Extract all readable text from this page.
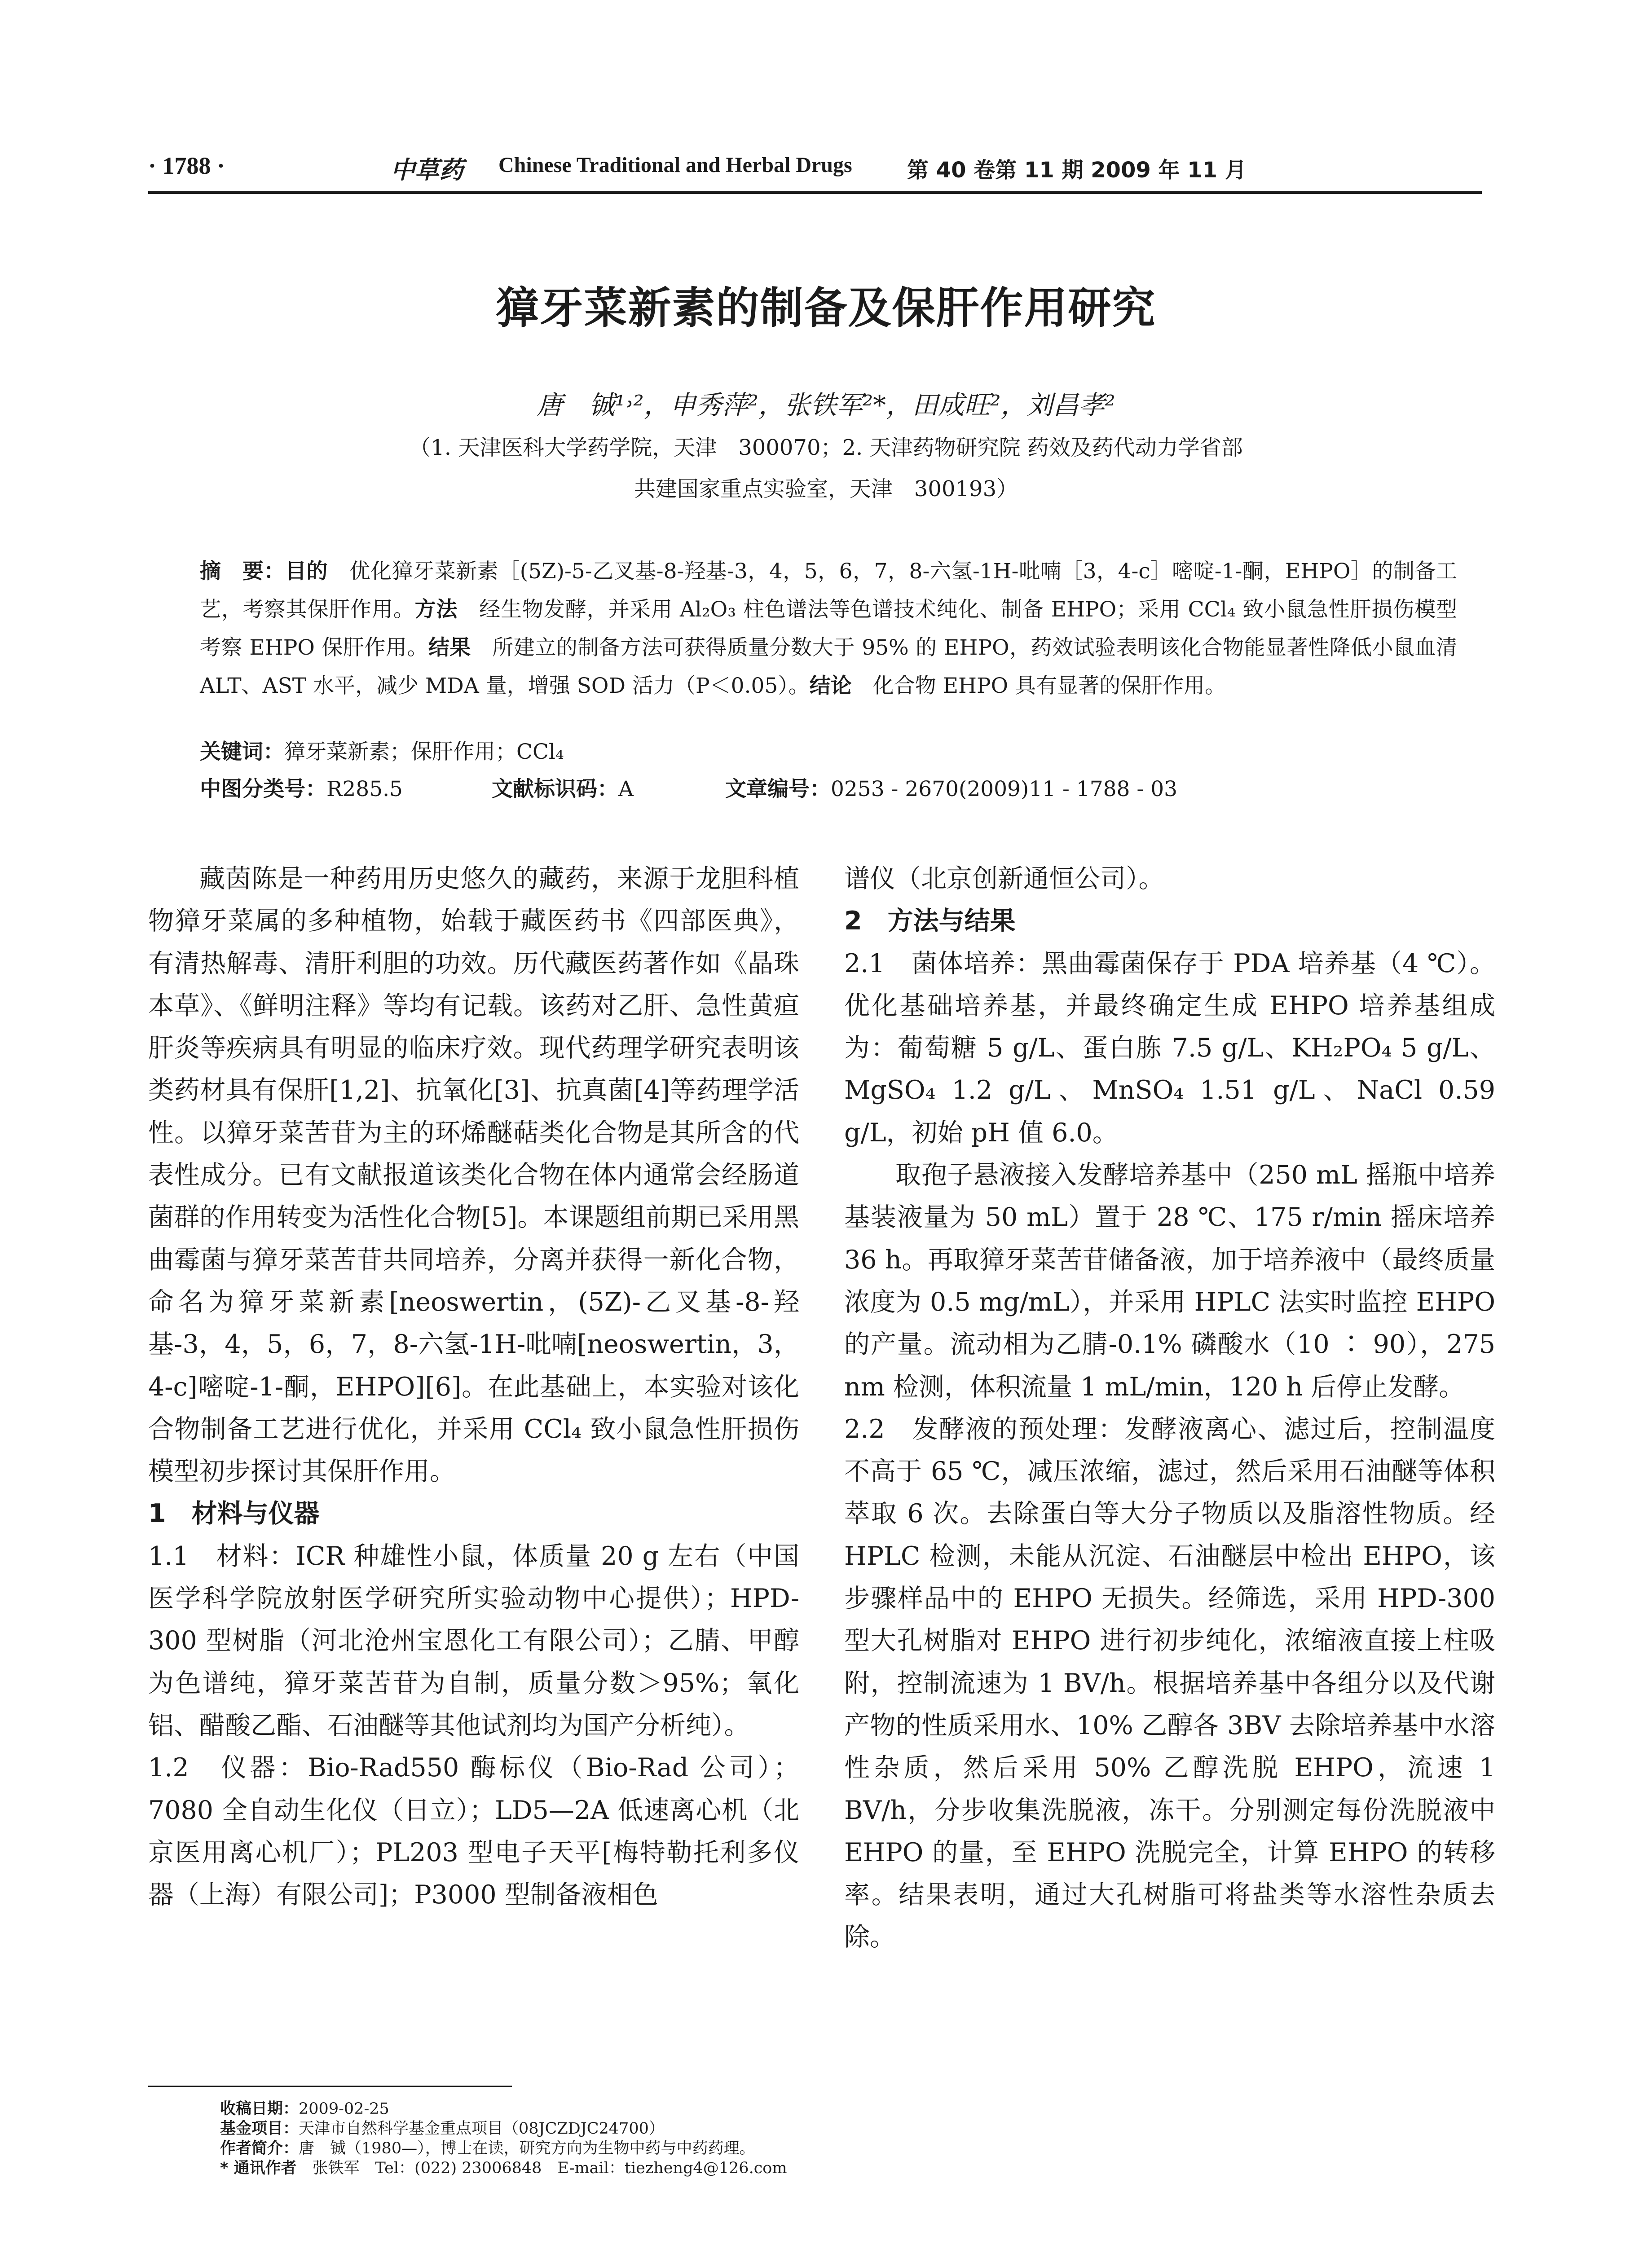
· 1788 ·	中草药 Chinese Traditional and Herbal Drugs	第 40 卷第 11 期 2009 年 11 月
獐牙菜新素的制备及保肝作用研究
唐　铖¹˒²，申秀萍²，张铁军²*，田成旺²，刘昌孝²
（1. 天津医科大学药学院，天津　300070；2. 天津药物研究院 药效及药代动力学省部
共建国家重点实验室，天津　300193）
摘　要：目的　优化獐牙菜新素［(5Z)-5-乙叉基-8-羟基-3，4，5，6，7，8-六氢-1H-吡喃［3，4-c］嘧啶-1-酮，EHPO］的制备工艺，考察其保肝作用。方法　经生物发酵，并采用 Al₂O₃ 柱色谱法等色谱技术纯化、制备 EHPO；采用 CCl₄ 致小鼠急性肝损伤模型考察 EHPO 保肝作用。结果　所建立的制备方法可获得质量分数大于 95% 的 EHPO，药效试验表明该化合物能显著性降低小鼠血清 ALT、AST 水平，减少 MDA 量，增强 SOD 活力（P＜0.05）。结论　化合物 EHPO 具有显著的保肝作用。
关键词：獐牙菜新素；保肝作用；CCl₄
中图分类号：R285.5	文献标识码：A	文章编号：0253 - 2670(2009)11 - 1788 - 03

藏茵陈是一种药用历史悠久的藏药，来源于龙胆科植物獐牙菜属的多种植物，始载于藏医药书《四部医典》，有清热解毒、清肝利胆的功效。历代藏医药著作如《晶珠本草》、《鲜明注释》等均有记载。该药对乙肝、急性黄疸肝炎等疾病具有明显的临床疗效。现代药理学研究表明该类药材具有保肝[1,2]、抗氧化[3]、抗真菌[4]等药理学活性。以獐牙菜苦苷为主的环烯醚萜类化合物是其所含的代表性成分。已有文献报道该类化合物在体内通常会经肠道菌群的作用转变为活性化合物[5]。本课题组前期已采用黑曲霉菌与獐牙菜苦苷共同培养，分离并获得一新化合物，命名为獐牙菜新素[neoswertin，(5Z)-乙叉基-8-羟基-3，4，5，6，7，8-六氢-1H-吡喃[neoswertin，3，4-c]嘧啶-1-酮，EHPO][6]。在此基础上，本实验对该化合物制备工艺进行优化，并采用 CCl₄ 致小鼠急性肝损伤模型初步探讨其保肝作用。

1　材料与仪器

1.1　材料：ICR 种雄性小鼠，体质量 20 g 左右（中国医学科学院放射医学研究所实验动物中心提供）；HPD-300 型树脂（河北沧州宝恩化工有限公司）；乙腈、甲醇为色谱纯，獐牙菜苦苷为自制，质量分数＞95%；氧化铝、醋酸乙酯、石油醚等其他试剂均为国产分析纯）。

1.2　仪器：Bio-Rad550 酶标仪（Bio-Rad 公司）；7080 全自动生化仪（日立）；LD5—2A 低速离心机（北京医用离心机厂）；PL203 型电子天平[梅特勒托利多仪器（上海）有限公司]；P3000 型制备液相色

谱仪（北京创新通恒公司）。

2　方法与结果

2.1　菌体培养：黑曲霉菌保存于 PDA 培养基（4 ℃）。优化基础培养基，并最终确定生成 EHPO 培养基组成为：葡萄糖 5 g/L、蛋白胨 7.5 g/L、KH₂PO₄ 5 g/L、MgSO₄ 1.2 g/L、MnSO₄ 1.51 g/L、NaCl 0.59 g/L，初始 pH 值 6.0。

取孢子悬液接入发酵培养基中（250 mL 摇瓶中培养基装液量为 50 mL）置于 28 ℃、175 r/min 摇床培养 36 h。再取獐牙菜苦苷储备液，加于培养液中（最终质量浓度为 0.5 mg/mL），并采用 HPLC 法实时监控 EHPO 的产量。流动相为乙腈-0.1% 磷酸水（10 ∶ 90），275 nm 检测，体积流量 1 mL/min，120 h 后停止发酵。

2.2　发酵液的预处理：发酵液离心、滤过后，控制温度不高于 65 ℃，减压浓缩，滤过，然后采用石油醚等体积萃取 6 次。去除蛋白等大分子物质以及脂溶性物质。经 HPLC 检测，未能从沉淀、石油醚层中检出 EHPO，该步骤样品中的 EHPO 无损失。经筛选，采用 HPD-300 型大孔树脂对 EHPO 进行初步纯化，浓缩液直接上柱吸附，控制流速为 1 BV/h。根据培养基中各组分以及代谢产物的性质采用水、10% 乙醇各 3BV 去除培养基中水溶性杂质，然后采用 50% 乙醇洗脱 EHPO，流速 1 BV/h，分步收集洗脱液，冻干。分别测定每份洗脱液中 EHPO 的量，至 EHPO 洗脱完全，计算 EHPO 的转移率。结果表明，通过大孔树脂可将盐类等水溶性杂质去除。

收稿日期：2009-02-25

基金项目：天津市自然科学基金重点项目（08JCZDJC24700）

作者简介：唐　铖（1980—），博士在读，研究方向为生物中药与中药药理。

* 通讯作者　张铁军　Tel：(022) 23006848　E-mail：tiezheng4@126.com
